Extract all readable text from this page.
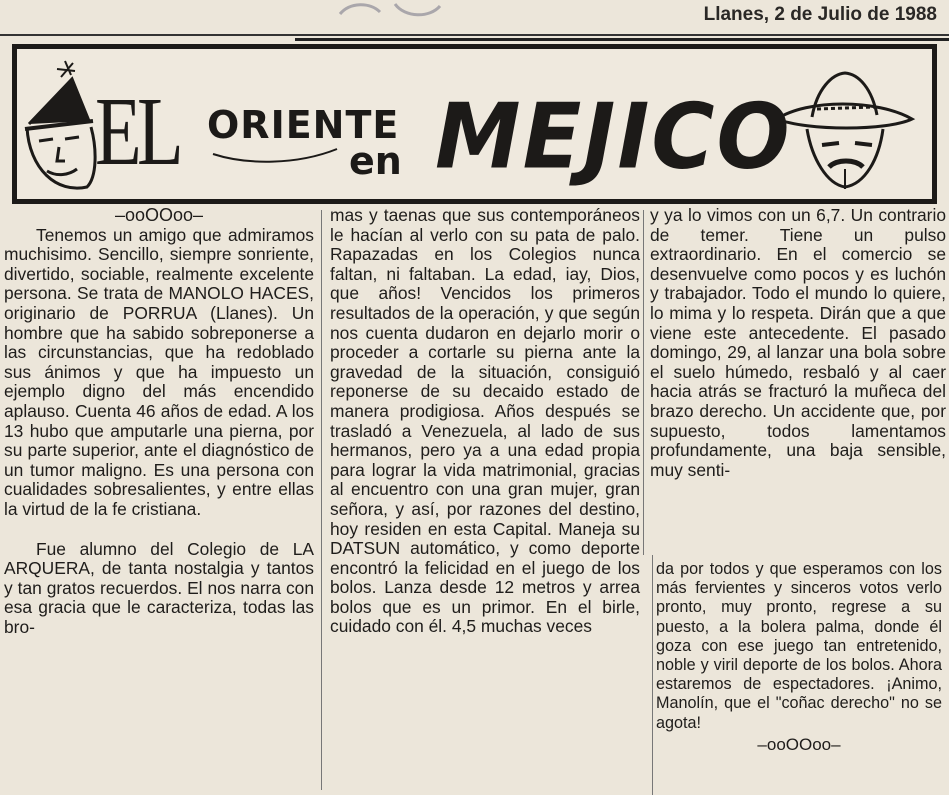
Llanes, 2 de Julio de 1988
EL ORIENTE
en MEJICO
–ooOOoo–

Tenemos un amigo que admiramos muchisimo. Sencillo, siempre sonriente, divertido, sociable, realmente excelente persona. Se trata de MANOLO HACES, originario de PORRUA (Llanes). Un hombre que ha sabido sobreponerse a las circunstancias, que ha redoblado sus ánimos y que ha impuesto un ejemplo digno del más encendido aplauso. Cuenta 46 años de edad. A los 13 hubo que amputarle una pierna, por su parte superior, ante el diagnóstico de un tumor maligno. Es una persona con cualidades sobresalientes, y entre ellas la virtud de la fe cristiana.

Fue alumno del Colegio de LA ARQUERA, de tanta nostalgia y tantos y tan gratos recuerdos. El nos narra con esa gracia que le caracteriza, todas las bro-

mas y taenas que sus contemporáneos le hacían al verlo con su pata de palo. Rapazadas en los Colegios nunca faltan, ni faltaban. La edad, iay, Dios, que años! Vencidos los primeros resultados de la operación, y que según nos cuenta dudaron en dejarlo morir o proceder a cortarle su pierna ante la gravedad de la situación, consiguió reponerse de su decaido estado de manera prodigiosa. Años después se trasladó a Venezuela, al lado de sus hermanos, pero ya a una edad propia para lograr la vida matrimonial, gracias al encuentro con una gran mujer, gran señora, y así, por razones del destino, hoy residen en esta Capital. Maneja su DATSUN automático, y como deporte encontró la felicidad en el juego de los bolos. Lanza desde 12 metros y arrea bolos que es un primor. En el birle, cuidado con él. 4,5 muchas veces

y ya lo vimos con un 6,7. Un contrario de temer. Tiene un pulso extraordinario. En el comercio se desenvuelve como pocos y es luchón y trabajador. Todo el mundo lo quiere, lo mima y lo respeta. Dirán que a que viene este antecedente. El pasado domingo, 29, al lanzar una bola sobre el suelo húmedo, resbaló y al caer hacia atrás se fracturó la muñeca del brazo derecho. Un accidente que, por supuesto, todos lamentamos profundamente, una baja sensible, muy senti-

da por todos y que esperamos con los más fervientes y sinceros votos verlo pronto, muy pronto, regrese a su puesto, a la bolera palma, donde él goza con ese juego tan entretenido, noble y viril deporte de los bolos. Ahora estaremos de espectadores. ¡Animo, Manolín, que el "coñac derecho" no se agota!

–ooOOoo–
